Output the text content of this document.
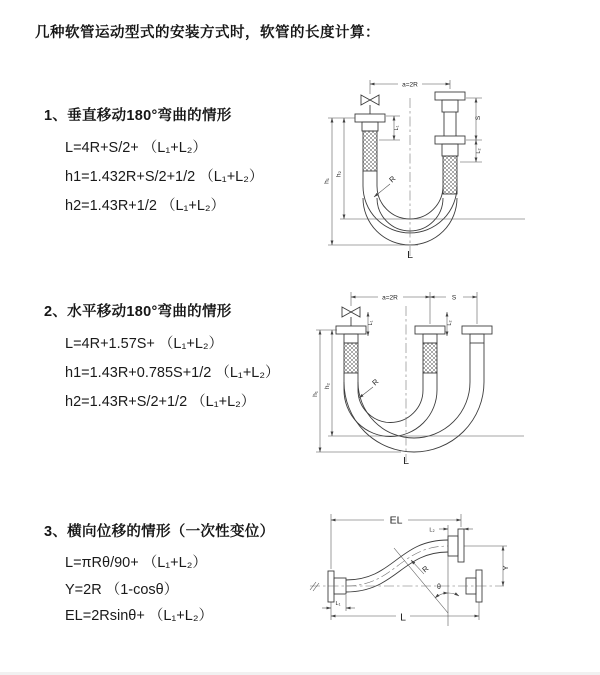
几种软管运动型式的安装方式时，软管的长度计算：
1、垂直移动180°弯曲的情形
L=4R+S/2+ （L₁+L₂）
h1=1.432R+S/2+1/2 （L₁+L₂）
h2=1.43R+1/2 （L₁+L₂）
2、水平移动180°弯曲的情形
L=4R+1.57S+ （L₁+L₂）
h1=1.43R+0.785S+1/2 （L₁+L₂）
h2=1.43R+S/2+1/2 （L₁+L₂）
3、横向位移的情形（一次性变位）
L=πRθ/90+ （L₁+L₂）
Y=2R （1-cosθ）
EL=2Rsinθ+ （L₁+L₂）
a=2R
S
L₂
L₁
h₁
h₂	R
L
a=2R	S
L₁	L₂
h₁
h₂	R
L
EL
L₂
Y
R
θ
L
L₁
